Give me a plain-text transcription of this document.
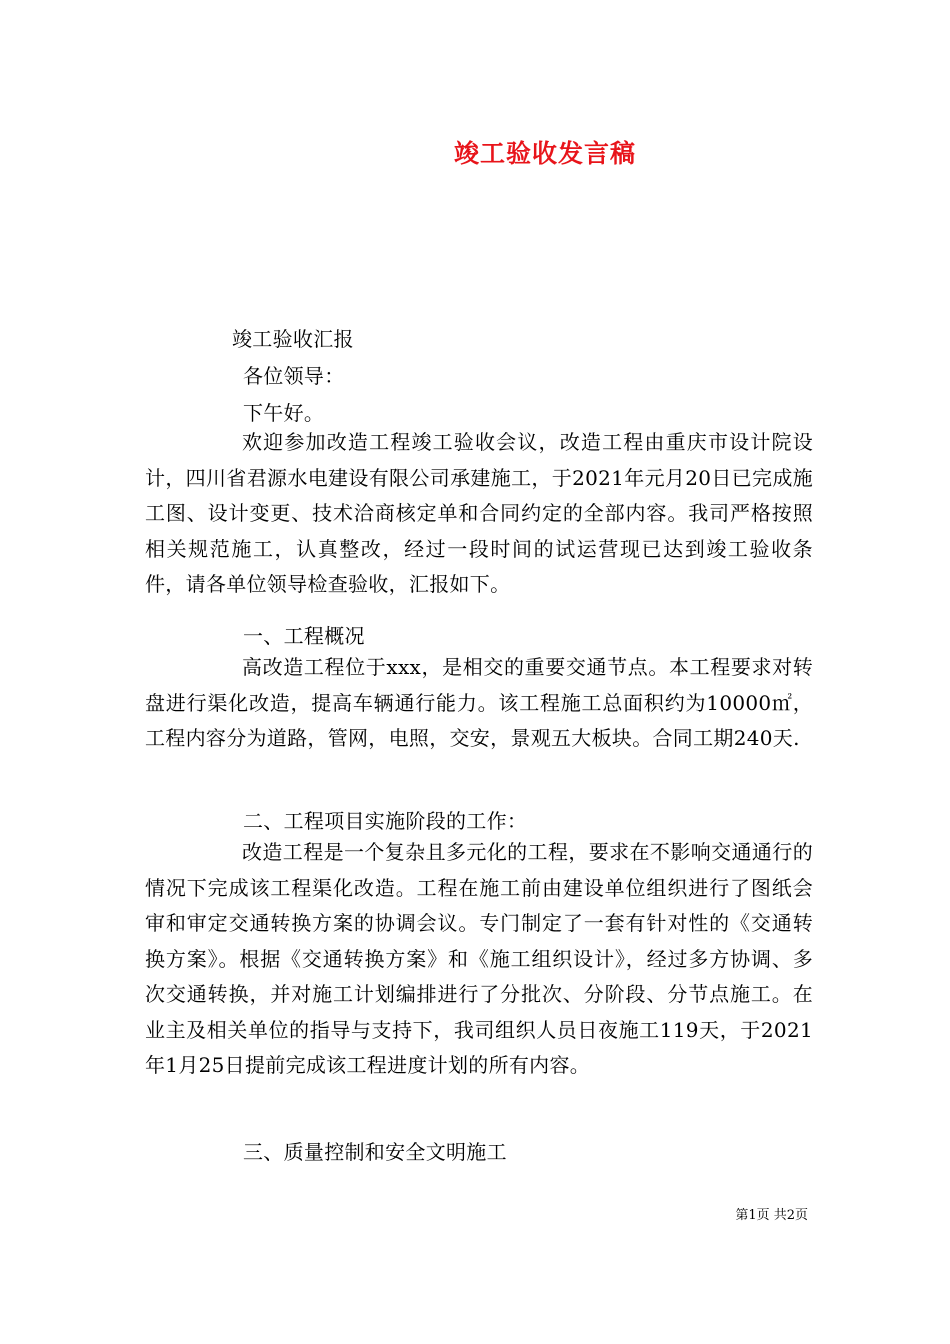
竣工验收发言稿
竣工验收汇报
各位领导：
下午好。
欢迎参加改造工程竣工验收会议，改造工程由重庆市设计院设计，四川省君源水电建设有限公司承建施工，于2021年元月20日已完成施工图、设计变更、技术洽商核定单和合同约定的全部内容。我司严格按照相关规范施工，认真整改，经过一段时间的试运营现已达到竣工验收条件，请各单位领导检查验收，汇报如下。
一、工程概况
高改造工程位于xxx，是相交的重要交通节点。本工程要求对转盘进行渠化改造，提高车辆通行能力。该工程施工总面积约为10000㎡，工程内容分为道路，管网，电照，交安，景观五大板块。合同工期240天.
二、工程项目实施阶段的工作：
改造工程是一个复杂且多元化的工程，要求在不影响交通通行的情况下完成该工程渠化改造。工程在施工前由建设单位组织进行了图纸会审和审定交通转换方案的协调会议。专门制定了一套有针对性的《交通转换方案》。根据《交通转换方案》和《施工组织设计》，经过多方协调、多次交通转换，并对施工计划编排进行了分批次、分阶段、分节点施工。在业主及相关单位的指导与支持下，我司组织人员日夜施工119天，于2021年1月25日提前完成该工程进度计划的所有内容。
三、质量控制和安全文明施工
第1页 共2页
